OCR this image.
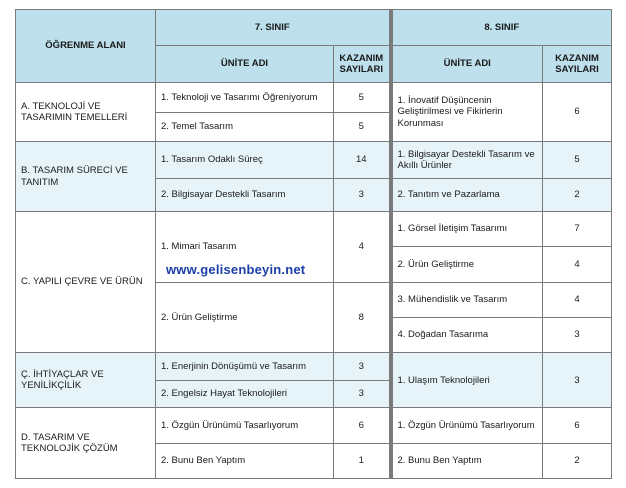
ÖĞRENME ALANI	7. SINIF		8. SINIF	
	ÜNİTE ADI	KAZANIM SAYILARI	ÜNİTE ADI	KAZANIM SAYILARI
A. TEKNOLOJİ VE TASARIMIN TEMELLERİ	1. Teknoloji ve Tasarımı Öğreniyorum	5	1. İnovatif Düşüncenin Geliştirilmesi ve Fikirlerin Korunması	6
	2. Temel Tasarım	5		
B. TASARIM SÜRECİ VE TANITIM	1. Tasarım Odaklı Süreç	14	1. Bilgisayar Destekli Tasarım ve Akıllı Ürünler	5
	2. Bilgisayar Destekli Tasarım	3	2. Tanıtım ve Pazarlama	2
C. YAPILI ÇEVRE VE ÜRÜN	1. Mimari Tasarım	4	1. Görsel İletişim Tasarımı	7
			2. Ürün Geliştirme	4
	2. Ürün Geliştirme	8	3. Mühendislik ve Tasarım	4
			4. Doğadan Tasarıma	3
Ç. İHTİYAÇLAR VE YENİLİKÇİLİK	1. Enerjinin Dönüşümü ve Tasarım	3	1. Ulaşım Teknolojileri	3
	2. Engelsiz Hayat Teknolojileri	3		
D. TASARIM VE TEKNOLOJİK ÇÖZÜM	1. Özgün Ürünümü Tasarlıyorum	6	1. Özgün Ürünümü Tasarlıyorum	6
	2. Bunu Ben Yaptım	1	2. Bunu Ben Yaptım	2
www.gelisenbeyin.net
